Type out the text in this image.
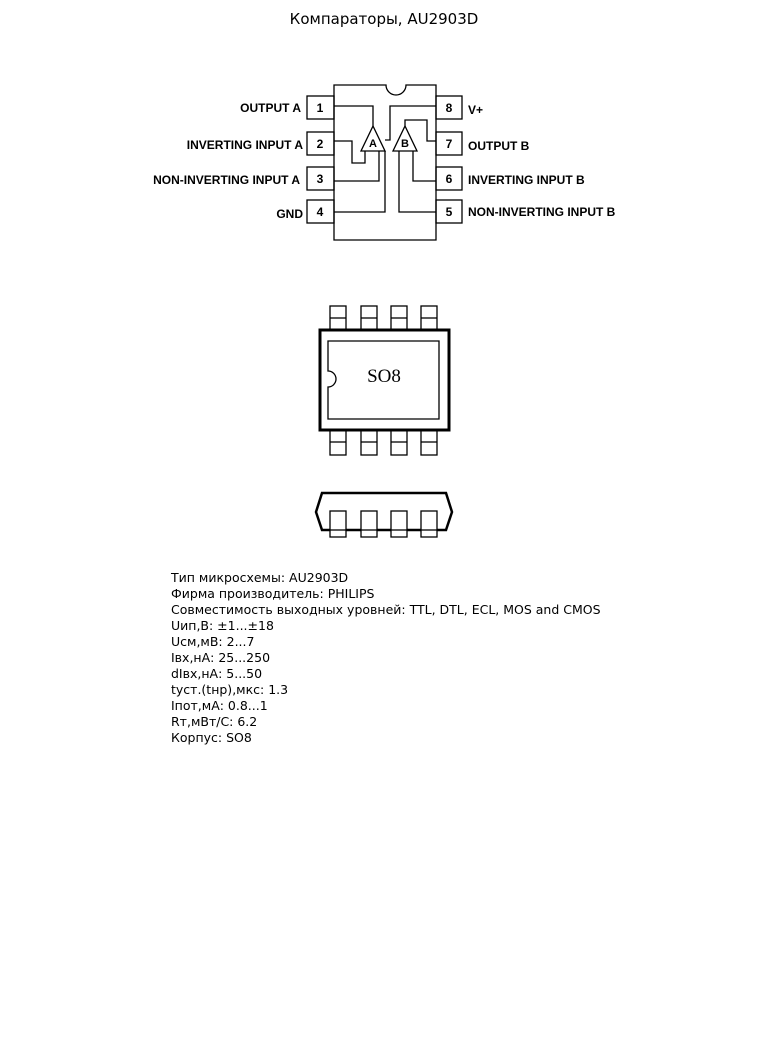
Компараторы, AU2903D
A B
1
2
3
4
8
7
6
5
OUTPUT A
INVERTING INPUT A
NON-INVERTING INPUT A
GND
V+
OUTPUT B
INVERTING INPUT B
NON-INVERTING INPUT B
SO8
Тип микросхемы: AU2903D
Фирма производитель: PHILIPS
Совместимость выходных уровней: TTL, DTL, ECL, MOS and CMOS
Uип,В: ±1...±18
Uсм,мВ: 2...7
Iвх,нА: 25...250
dIвх,нА: 5...50
tуст.(tнр),мкс: 1.3
Iпот,мА: 0.8...1
Rт,мВт/С: 6.2
Корпус: SO8
